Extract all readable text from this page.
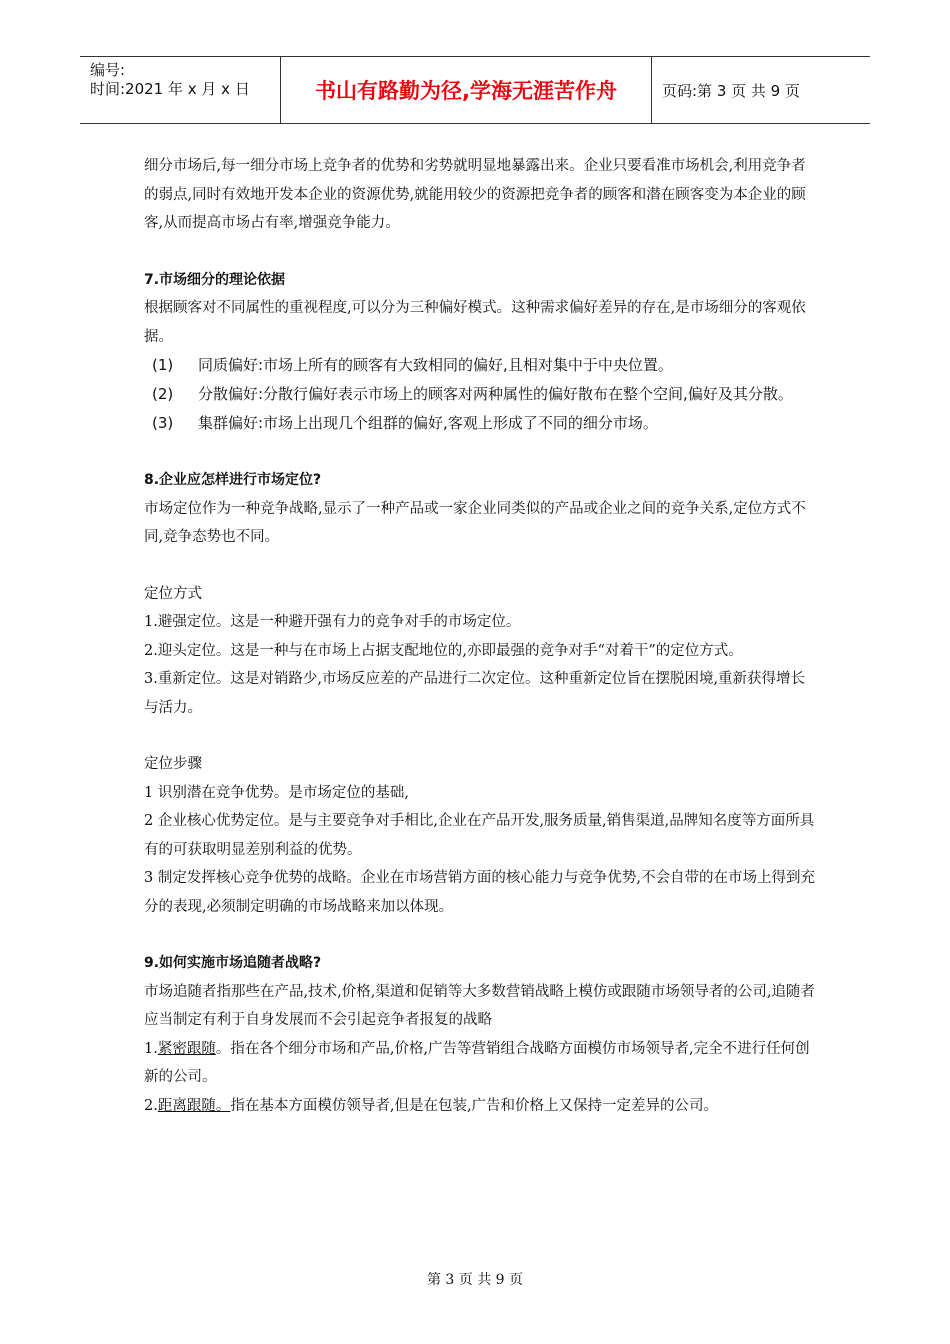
编号:
时间:2021 年 x 月 x 日	书山有路勤为径,学海无涯苦作舟	页码:第 3 页 共 9 页

细分市场后,每一细分市场上竞争者的优势和劣势就明显地暴露出来。企业只要看准市场机会,利用竞争者的弱点,同时有效地开发本企业的资源优势,就能用较少的资源把竞争者的顾客和潜在顾客变为本企业的顾客,从而提高市场占有率,增强竞争能力。

7.市场细分的理论依据

根据顾客对不同属性的重视程度,可以分为三种偏好模式。这种需求偏好差异的存在,是市场细分的客观依据。

(1)	同质偏好:市场上所有的顾客有大致相同的偏好,且相对集中于中央位置。
(2)	分散偏好:分散行偏好表示市场上的顾客对两种属性的偏好散布在整个空间,偏好及其分散。
(3)	集群偏好:市场上出现几个组群的偏好,客观上形成了不同的细分市场。

8.企业应怎样进行市场定位?

市场定位作为一种竞争战略,显示了一种产品或一家企业同类似的产品或企业之间的竞争关系,定位方式不同,竞争态势也不同。

定位方式

1.避强定位。这是一种避开强有力的竞争对手的市场定位。

2.迎头定位。这是一种与在市场上占据支配地位的,亦即最强的竞争对手“对着干”的定位方式。

3.重新定位。这是对销路少,市场反应差的产品进行二次定位。这种重新定位旨在摆脱困境,重新获得增长与活力。

定位步骤

1 识别潜在竞争优势。是市场定位的基础,

2 企业核心优势定位。是与主要竞争对手相比,企业在产品开发,服务质量,销售渠道,品牌知名度等方面所具有的可获取明显差别利益的优势。

3 制定发挥核心竞争优势的战略。企业在市场营销方面的核心能力与竞争优势,不会自带的在市场上得到充分的表现,必须制定明确的市场战略来加以体现。

9.如何实施市场追随者战略?

市场追随者指那些在产品,技术,价格,渠道和促销等大多数营销战略上模仿或跟随市场领导者的公司,追随者应当制定有利于自身发展而不会引起竞争者报复的战略

1.紧密跟随。指在各个细分市场和产品,价格,广告等营销组合战略方面模仿市场领导者,完全不进行任何创新的公司。

2.距离跟随。指在基本方面模仿领导者,但是在包装,广告和价格上又保持一定差异的公司。

第 3 页 共 9 页
